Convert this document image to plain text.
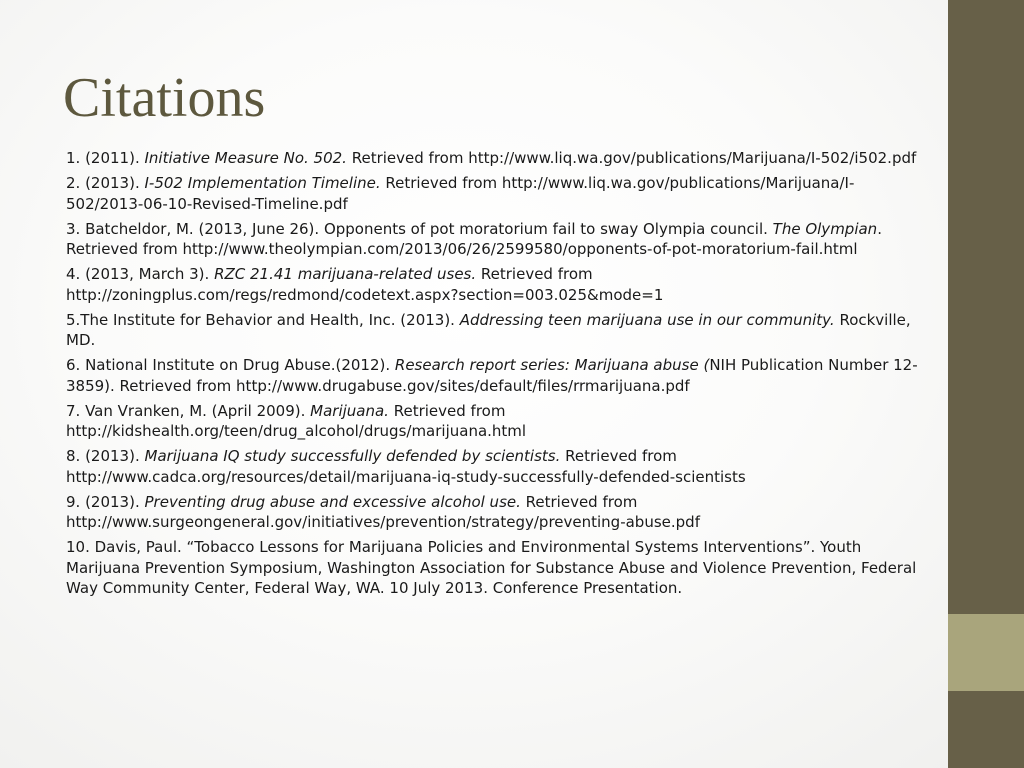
Citations

1. (2011). Initiative Measure No. 502. Retrieved from http://www.liq.wa.gov/publications/Marijuana/I-502/i502.pdf

2. (2013). I-502 Implementation Timeline. Retrieved from http://www.liq.wa.gov/publications/Marijuana/I-502/2013-06-10-Revised-Timeline.pdf

3. Batcheldor, M. (2013, June 26). Opponents of pot moratorium fail to sway Olympia council. The Olympian. Retrieved from http://www.theolympian.com/2013/06/26/2599580/opponents-of-pot-moratorium-fail.html

4. (2013, March 3). RZC 21.41 marijuana-related uses. Retrieved from http://zoningplus.com/regs/redmond/codetext.aspx?section=003.025&mode=1

5.The Institute for Behavior and Health, Inc. (2013). Addressing teen marijuana use in our community. Rockville, MD.

6. National Institute on Drug Abuse.(2012). Research report series: Marijuana abuse (NIH Publication Number 12-3859). Retrieved from http://www.drugabuse.gov/sites/default/files/rrmarijuana.pdf

7. Van Vranken, M. (April 2009). Marijuana. Retrieved from http://kidshealth.org/teen/drug_alcohol/drugs/marijuana.html

8. (2013). Marijuana IQ study successfully defended by scientists. Retrieved from http://www.cadca.org/resources/detail/marijuana-iq-study-successfully-defended-scientists

9. (2013). Preventing drug abuse and excessive alcohol use. Retrieved from http://www.surgeongeneral.gov/initiatives/prevention/strategy/preventing-abuse.pdf

10. Davis, Paul. “Tobacco Lessons for Marijuana Policies and Environmental Systems Interventions”. Youth Marijuana Prevention Symposium, Washington Association for Substance Abuse and Violence Prevention, Federal Way Community Center, Federal Way, WA. 10 July 2013. Conference Presentation.
